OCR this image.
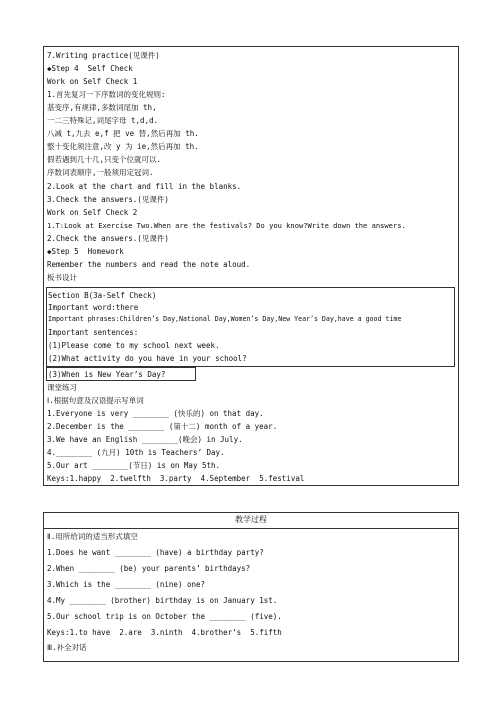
7.Writing practice(见课件)
◆Step 4  Self Check
Work on Self Check 1
1.首先复习一下序数词的变化规则:
基变序,有规律,多数词尾加 th,
一二三特殊记,词尾字母 t,d,d.
八减 t,九去 e,f 把 ve 替,然后再加 th.
整十变化须注意,改 y 为 ie,然后再加 th.
假若遇到几十几,只变个位就可以.
序数词表顺序,一般须用定冠词.
2.Look at the chart and fill in the blanks.
3.Check the answers.(见课件)
Work on Self Check 2
1.T:Look at Exercise Two.When are the festivals? Do you know?Write down the answers.
2.Check the answers.(见课件)
◆Step 5  Homework
Remember the numbers and read the note aloud.
板书设计
Section B(3a-Self Check)
Important word:there
Important phrases:Children’s Day,National Day,Women’s Day,New Year’s Day,have a good time
Important sentences:
(1)Please come to my school next week.
(2)What activity do you have in your school?
(3)When is New Year’s Day?
课堂练习
Ⅰ.根据句意及汉语提示写单词
1.Everyone is very ________ (快乐的) on that day.
2.December is the ________ (第十二) month of a year.
3.We have an English ________(晚会) in July.
4.________ (九月) 10th is Teachers’ Day.
5.Our art ________(节日) is on May 5th.
Keys:1.happy  2.twelfth  3.party  4.September  5.festival
教学过程
Ⅱ.用所给词的适当形式填空
1.Does he want ________ (have) a birthday party?
2.When ________ (be) your parents’ birthdays?
3.Which is the ________ (nine) one?
4.My ________ (brother) birthday is on January 1st.
5.Our school trip is on October the ________ (five).
Keys:1.to have  2.are  3.ninth  4.brother’s  5.fifth
Ⅲ.补全对话
